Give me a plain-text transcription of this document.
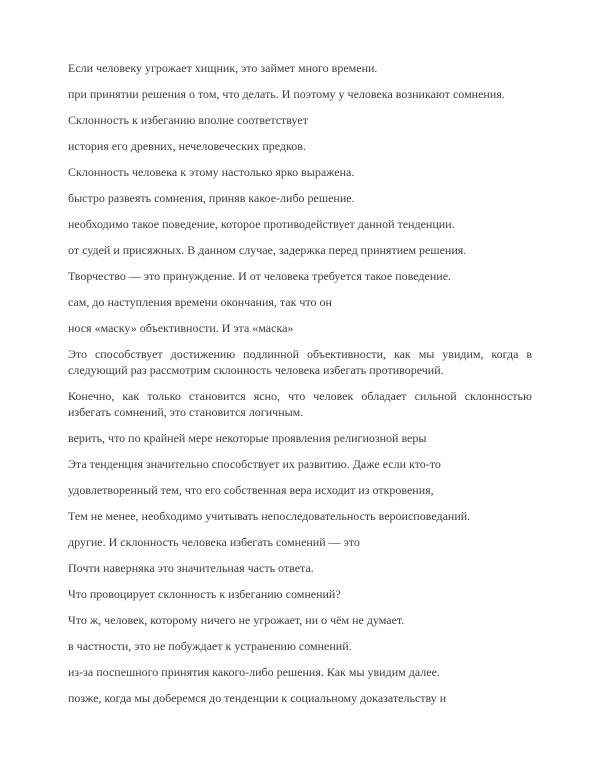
Если человеку угрожает хищник, это займет много времени.

при принятии решения о том, что делать. И поэтому у человека возникают сомнения.

Склонность к избеганию вполне соответствует

история его древних, нечеловеческих предков.

Склонность человека к этому настолько ярко выражена.

быстро развеять сомнения, приняв какое-либо решение.

необходимо такое поведение, которое противодействует данной тенденции.

от судей и присяжных. В данном случае, задержка перед принятием решения.

Творчество — это принуждение. И от человека требуется такое поведение.

сам, до наступления времени окончания, так что он

нося «маску» объективности. И эта «маска»

Это способствует достижению подлинной объективности, как мы увидим, когда в следующий раз рассмотрим склонность человека избегать противоречий.

Конечно, как только становится ясно, что человек обладает сильной склонностью избегать сомнений, это становится логичным.

верить, что по крайней мере некоторые проявления религиозной веры

Эта тенденция значительно способствует их развитию. Даже если кто-то

удовлетворенный тем, что его собственная вера исходит из откровения,

Тем не менее, необходимо учитывать непоследовательность вероисповеданий.

другие. И склонность человека избегать сомнений — это

Почти наверняка это значительная часть ответа.

Что провоцирует склонность к избеганию сомнений?

Что ж, человек, которому ничего не угрожает, ни о чём не думает.

в частности, это не побуждает к устранению сомнений.

из-за поспешного принятия какого-либо решения. Как мы увидим далее.

позже, когда мы доберемся до тенденции к социальному доказательству и
